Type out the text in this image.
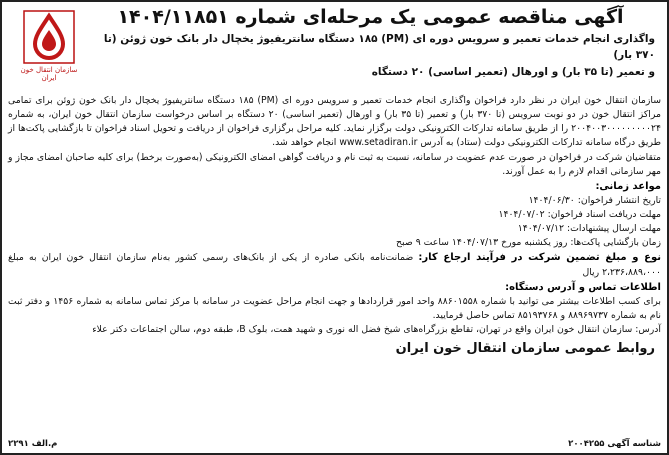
سازمان انتقال خون ایران
آگهی مناقصه عمومی یک مرحله‌ای شماره ۱۴۰۴/۱۱۸۵۱
واگذاری انجام خدمات تعمیر و سرویس دوره ای (PM) ۱۸۵ دستگاه سانتریفیوژ یخچال دار بانک خون ژوئن (تا ۳۷۰ بار)
و تعمیر (تا ۳۵ بار) و اورهال (تعمیر اساسی) ۲۰ دستگاه

سازمان انتقال خون ایران در نظر دارد فراخوان واگذاری انجام خدمات تعمیر و سرویس دوره ای (PM) ۱۸۵ دستگاه سانتریفیوژ یخچال دار بانک خون ژوئن برای تمامی مراکز انتقال خون در دو نوبت سرویس (تا ۳۷۰ بار) و تعمیر (تا ۳۵ بار) و اورهال (تعمیر اساسی) ۲۰ دستگاه بر اساس درخواست سازمان انتقال خون ایران، به شماره ۲۰۰۴۰۰۳۰۰۰۰۰۰۰۰۰۲۴ را از طریق سامانه تدارکات الکترونیکی دولت برگزار نماید. کلیه مراحل برگزاری فراخوان از دریافت و تحویل اسناد فراخوان تا بازگشایی پاکت‌ها از طریق درگاه سامانه تدارکات الکترونیکی دولت (ستاد) به آدرس www.setadiran.ir انجام خواهد شد.

متقاضیان شرکت در فراخوان در صورت عدم عضویت در سامانه، نسبت به ثبت نام و دریافت گواهی امضای الکترونیکی (به‌صورت برخط) برای کلیه صاحبان امضای مجاز و مهر سازمانی اقدام لازم را به عمل آورند.

مواعد زمانی:

تاریخ انتشار فراخوان: ۱۴۰۴/۰۶/۳۰

مهلت دریافت اسناد فراخوان: ۱۴۰۴/۰۷/۰۲

مهلت ارسال پیشنهادات: ۱۴۰۴/۰۷/۱۲

زمان بازگشایی پاکت‌ها: روز یکشنبه مورخ ۱۴۰۴/۰۷/۱۳ ساعت ۹ صبح

نوع و مبلغ تضمین شرکت در فرآیند ارجاع کار: ضمانت‌نامه بانکی صادره از یکی از بانک‌های رسمی کشور به‌نام سازمان انتقال خون ایران به مبلغ ۲،۲۳۶،۸۸۹،۰۰۰ ریال

اطلاعات تماس و آدرس دستگاه:

برای کسب اطلاعات بیشتر می توانید با شماره ۸۸۶۰۱۵۵۸ واحد امور قراردادها و جهت انجام مراحل عضویت در سامانه با مرکز تماس سامانه به شماره ۱۴۵۶ و دفتر ثبت نام به شماره ۸۸۹۶۹۷۳۷ و ۸۵۱۹۳۷۶۸ تماس حاصل فرمایید.

آدرس: سازمان انتقال خون ایران واقع در تهران، تقاطع بزرگراه‌های شیخ فضل اله نوری و شهید همت، بلوک B، طبقه دوم، سالن اجتماعات دکتر علاء

روابط عمومی سازمان انتقال خون ایران
شناسه آگهی ۲۰۰۴۲۵۵
م.الف ۲۲۹۱
